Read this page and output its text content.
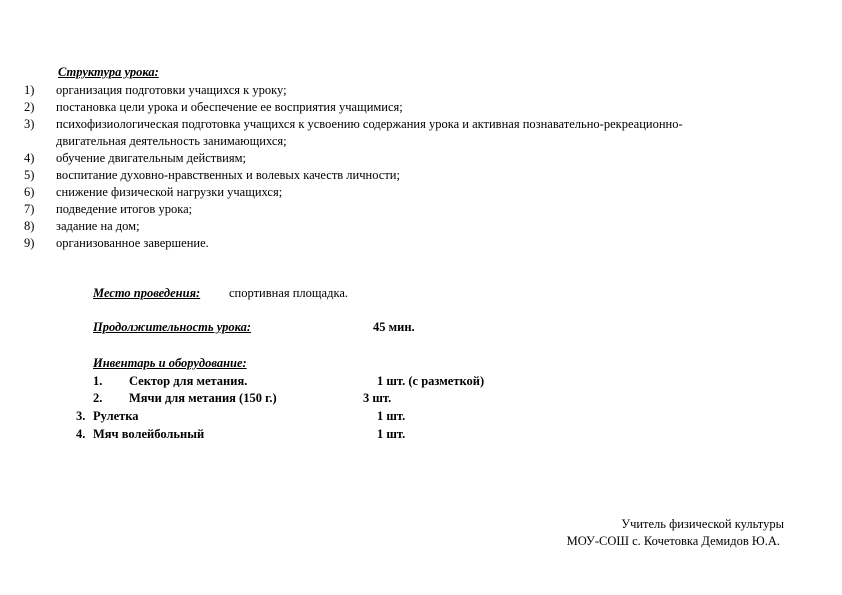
Структура урока:
1)	организация подготовки учащихся к уроку;
2)	постановка цели урока и обеспечение ее восприятия учащимися;
3)	психофизиологическая подготовка учащихся к усвоению содержания урока и активная познавательно-рекреационно-
двигательная деятельность занимающихся;
4)	обучение двигательным действиям;
5)	воспитание духовно-нравственных и волевых качеств личности;
6)	снижение физической нагрузки учащихся;
7)	подведение итогов урока;
8)	задание на дом;
9)	организованное завершение.
Место проведения: спортивная площадка.
Продолжительность урока:	45 мин.
Инвентарь и оборудование:
1. Сектор для метания.	1 шт. (с разметкой)
2. Мячи для метания (150 г.)	3 шт.
3. Рулетка	1 шт.
4. Мяч волейбольный	1 шт.
Учитель физической культуры
МОУ-СОШ с. Кочетовка Демидов Ю.А.
